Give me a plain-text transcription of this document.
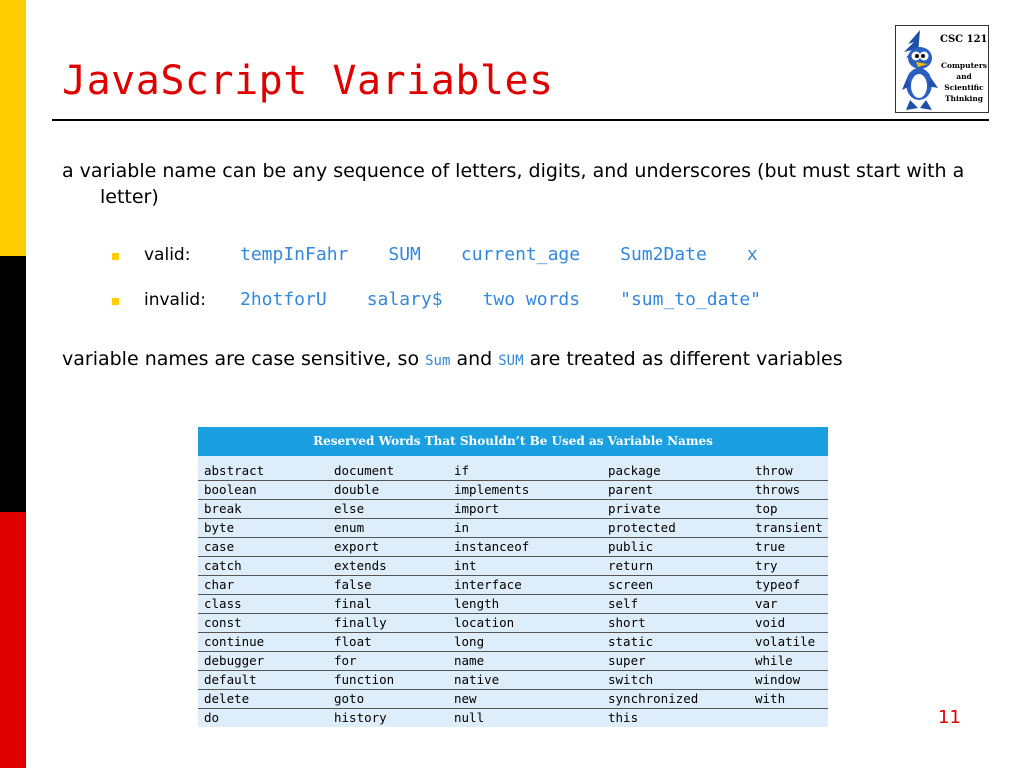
JavaScript Variables
CSC 121
Computers
and
Scientific
Thinking
a variable name can be any sequence of letters, digits, and underscores (but must start with a letter)
valid:	tempInFahr SUM current_age Sum2Date x
invalid: 2hotforU salary$ two words "sum_to_date"
variable names are case sensitive, so Sum and SUM are treated as different variables
Reserved Words That Shouldn’t Be Used as Variable Names

abstract	document	if	package	throw
boolean	double	implements	parent	throws
break	else	import	private	top
byte	enum	in	protected	transient
case	export	instanceof	public	true
catch	extends	int	return	try
char	false	interface	screen	typeof
class	final	length	self	var
const	finally	location	short	void
continue	float	long	static	volatile
debugger	for	name	super	while
default	function	native	switch	window
delete	goto	new	synchronized	with
do	history	null	this		11
